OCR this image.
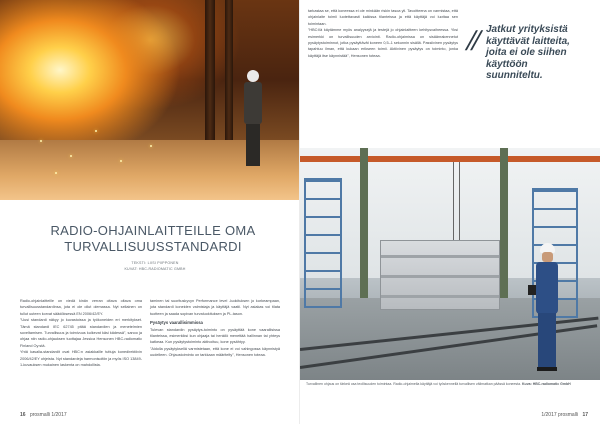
RADIO-OHJAINLAITTEILLE OMA TURVALLISUUSSTANDARDI
TEKSTI: LIISI PIIPPONEN
KUVAT: HBC-RADIOMATIC GMBH

Radio-ohjainlaitteille on viedä kinän verran oltava oltava oma turvallisuusstandardinsa, jota ei ole ollut olemassa. Nyt sellainen on tullut uuteen korvat säädöksessä EN 2006/42/EY.

"Uusi standardi näkyy jo kuvastoissa ja työkoneiden eri merkitykset. Tämä standardi IEC 62745 pitää standardien ja menetelmien soveltamisen. Turvallisuus ja toimivuus kulkevat käsi kädessä", sanoo ja ohjaa niin radio-ohjauksen tuottajaa Jessica Hensonen HBC-radiomatic Finland Oy:stä.

Yhtä kasalia-standardit ovat HBC:n asiakkaille tuttuja konedirektiivin 2006/42/EY ohjeista. Nyt standardeja harmonisoitiin ja myös ISO 13849-1-kuvauksen mukainen laskenta on mahdollista.

taminen tai suorituskyvyn Performance level -luokituksen jo korkeampaan, jota standardi koneiden valmistaja ja käyttäjä vaatii. Nyt asiakas voi tilata tuotteen ja saada sopivan turvaluokituksen ja PL-tason.

Pysäytys vaarallisimmissa

Tulevan standardin pysäytys-toiminto on pysäyttää kone vaarallisissa tilanteissa, esimerkiksi kun ohjaaja tai henkilö menettää hallinnan tai yhteys katkeaa. Kun pysäytystoiminto aktivoituu, kone pysähtyy.

"Aidolla pysäytyksellä varmistetaan, että kone ei voi vahingossa käynnistyä uudelleen. Ohjaustoiminto on tarkkaan määritelty", Hensonen toteaa.

16 prosmalli 1/2017

tarkastaa se, että koneessa ei ole minkään riskin tasoa yli. Tavoitteena on varmistaa, että ohjainlaite toimii luotettavasti kaikissa tilanteissa ja että käyttäjä voi luottaa sen toimintaan.

"HBC:llä käytämme myös analyysejä ja testejä jo ohjainlaitteen kehitysvaiheessa. Yksi esimerkki on turvallisuuden arviointi. Radio-ohjaimissa on sisäänrakennetut pysäytystoiminnot, jotka pysäyttävät koneen 0,5–1 sekunnin sisällä. Passiivinen pysäytys tapahtuu ilman, että kukaan erikseen toimii. Aktiivinen pysäytys on toiminto, jonka käyttäjä itse käynnistää", Hensonen toteaa.	// Jatkut yrityksistä käyttävät laitteita, joita ei ole siihen käyttöön suunniteltu.
Turvallinen ohjaus on tärkeä osa teollisuuden toimintaa. Radio-ohjaimella käyttäjä voi työskennellä turvallisen välimatkan päässä koneesta. Kuva: HBC-radiomatic GmbH
1/2017 prosmalli 17
